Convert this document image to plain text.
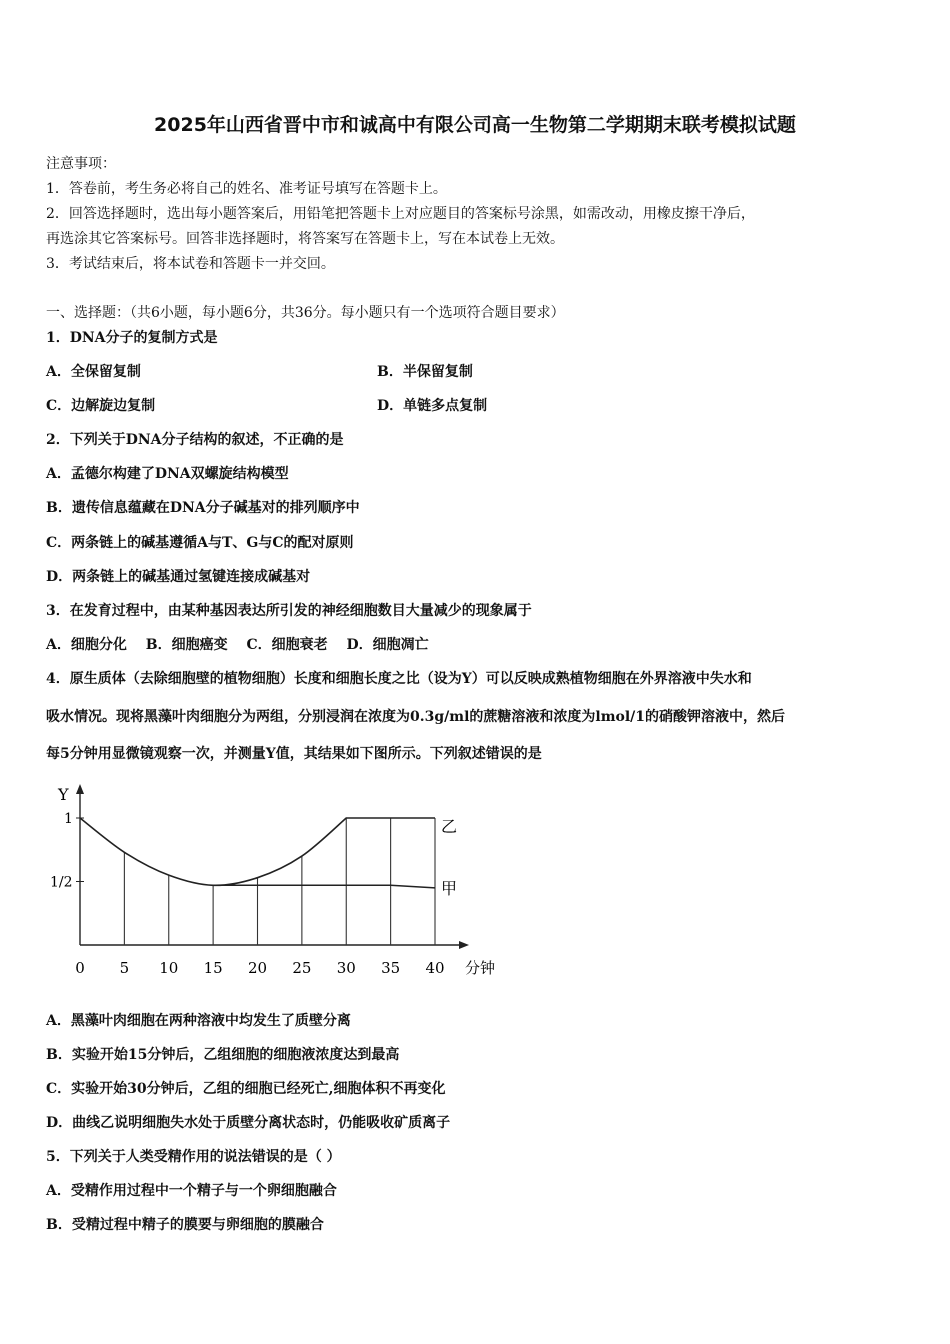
2025年山西省晋中市和诚高中有限公司高一生物第二学期期末联考模拟试题
注意事项：
1．答卷前，考生务必将自己的姓名、准考证号填写在答题卡上。
2．回答选择题时，选出每小题答案后，用铅笔把答题卡上对应题目的答案标号涂黑，如需改动，用橡皮擦干净后，
再选涂其它答案标号。回答非选择题时，将答案写在答题卡上，写在本试卷上无效。
3．考试结束后，将本试卷和答题卡一并交回。
一、选择题：（共6小题，每小题6分，共36分。每小题只有一个选项符合题目要求）
1．DNA分子的复制方式是
A．全保留复制	B．半保留复制
C．边解旋边复制	D．单链多点复制
2．下列关于DNA分子结构的叙述，不正确的是
A．孟德尔构建了DNA双螺旋结构模型
B．遗传信息蕴藏在DNA分子碱基对的排列顺序中
C．两条链上的碱基遵循A与T、G与C的配对原则
D．两条链上的碱基通过氢键连接成碱基对
3．在发育过程中，由某种基因表达所引发的神经细胞数目大量减少的现象属于
A．细胞分化 B．细胞癌变 C．细胞衰老 D．细胞凋亡
4．原生质体（去除细胞壁的植物细胞）长度和细胞长度之比（设为Y）可以反映成熟植物细胞在外界溶液中失水和
吸水情况。现将黑藻叶肉细胞分为两组，分别浸润在浓度为0.3g/ml的蔗糖溶液和浓度为lmol/1的硝酸钾溶液中，然后
每5分钟用显微镜观察一次，并测量Y值，其结果如下图所示。下列叙述错误的是
Y
分钟
1
1/2
0 5 10 15 20 25 30 35 40
乙
甲
A．黑藻叶肉细胞在两种溶液中均发生了质壁分离
B．实验开始15分钟后，乙组细胞的细胞液浓度达到最高
C．实验开始30分钟后，乙组的细胞已经死亡,细胞体积不再变化
D．曲线乙说明细胞失水处于质壁分离状态时，仍能吸收矿质离子
5．下列关于人类受精作用的说法错误的是（ ）
A．受精作用过程中一个精子与一个卵细胞融合
B．受精过程中精子的膜要与卵细胞的膜融合
